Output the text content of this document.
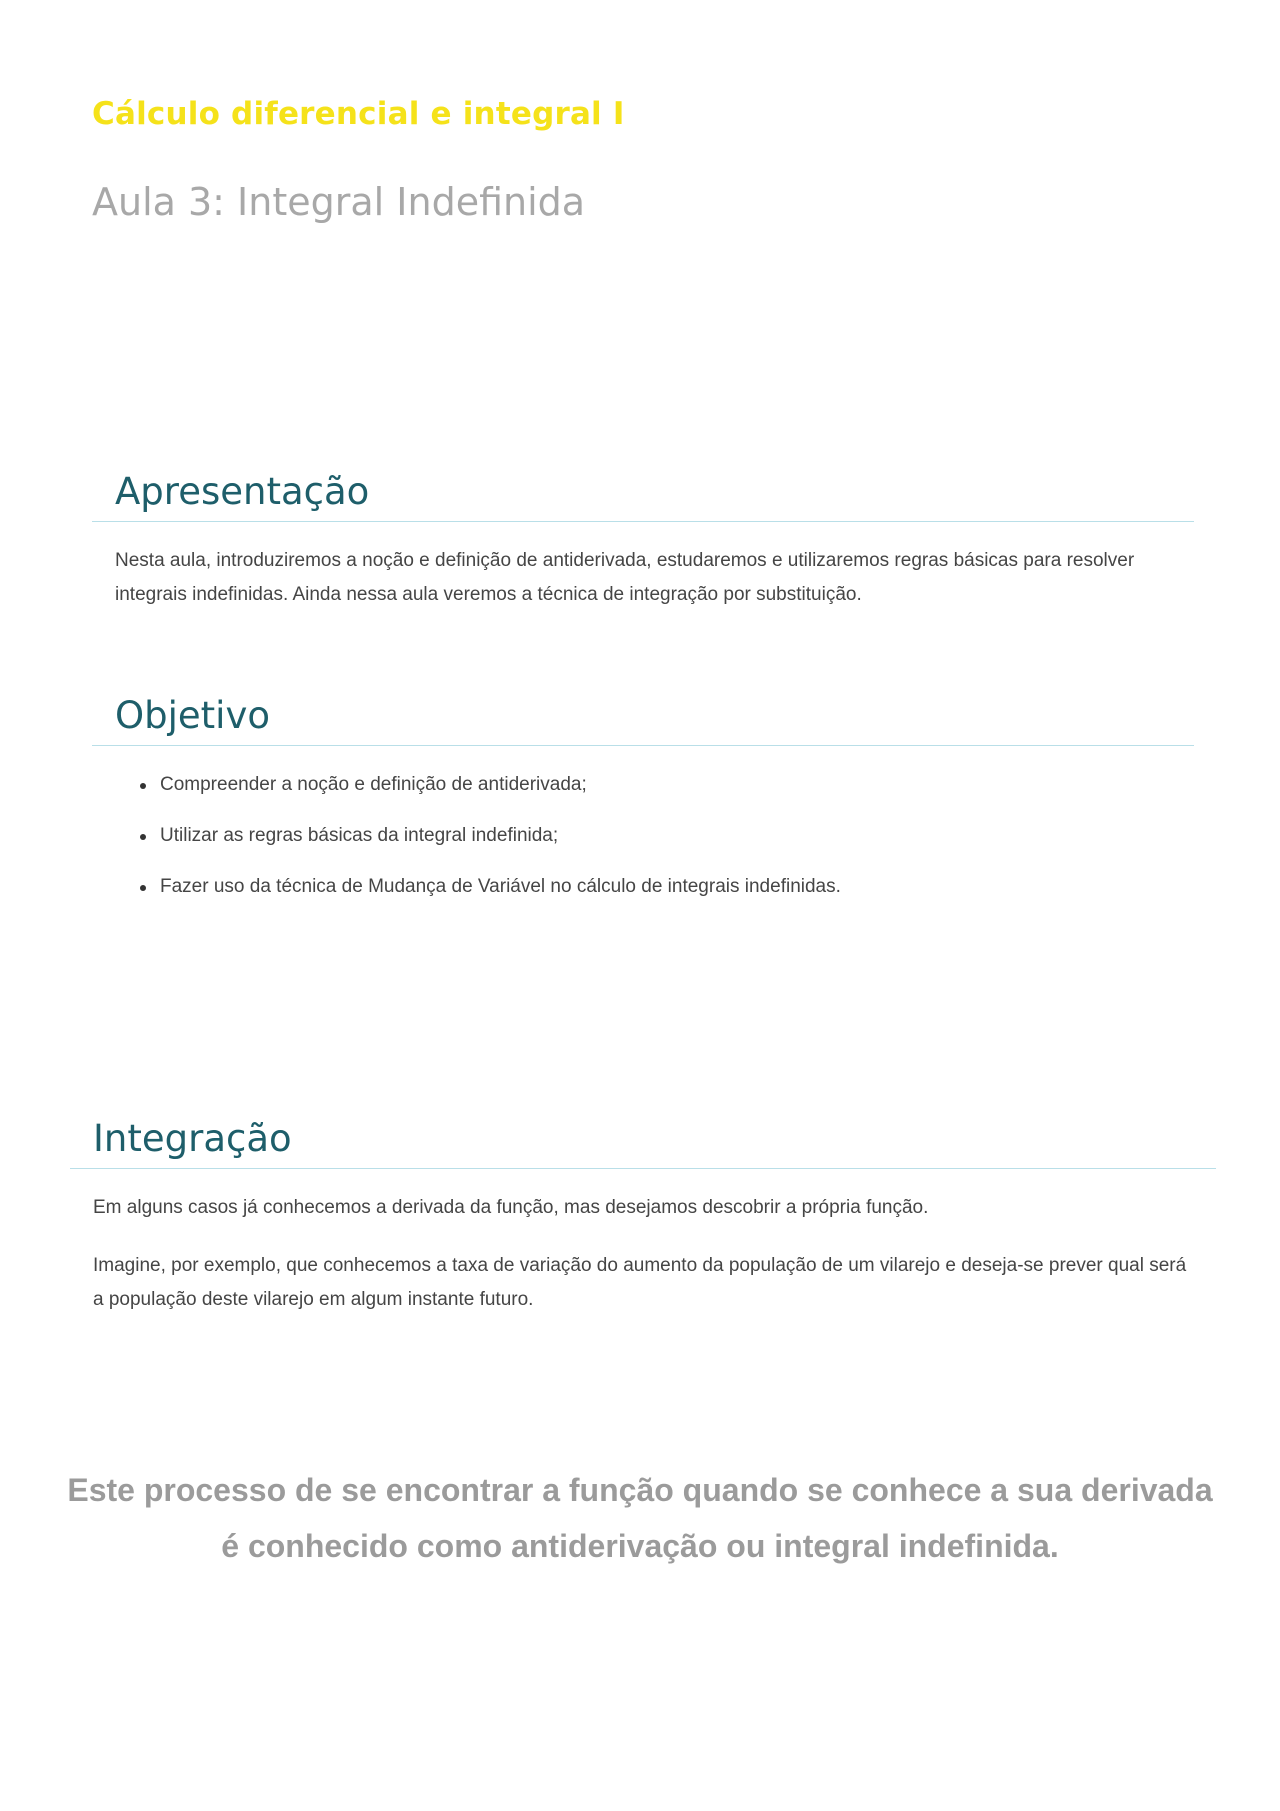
Cálculo diferencial e integral I
Aula 3: Integral Indefinida
Apresentação

Nesta aula, introduziremos a noção e definição de antiderivada, estudaremos e utilizaremos regras básicas para resolver integrais indefinidas. Ainda nessa aula veremos a técnica de integração por substituição.

Objetivo
Compreender a noção e definição de antiderivada;
Utilizar as regras básicas da integral indefinida;
Fazer uso da técnica de Mudança de Variável no cálculo de integrais indefinidas.
Integração

Em alguns casos já conhecemos a derivada da função, mas desejamos descobrir a própria função.

Imagine, por exemplo, que conhecemos a taxa de variação do aumento da população de um vilarejo e deseja-se prever qual será a população deste vilarejo em algum instante futuro.

Este processo de se encontrar a função quando se conhece a sua derivada é conhecido como antiderivação ou integral indefinida.
